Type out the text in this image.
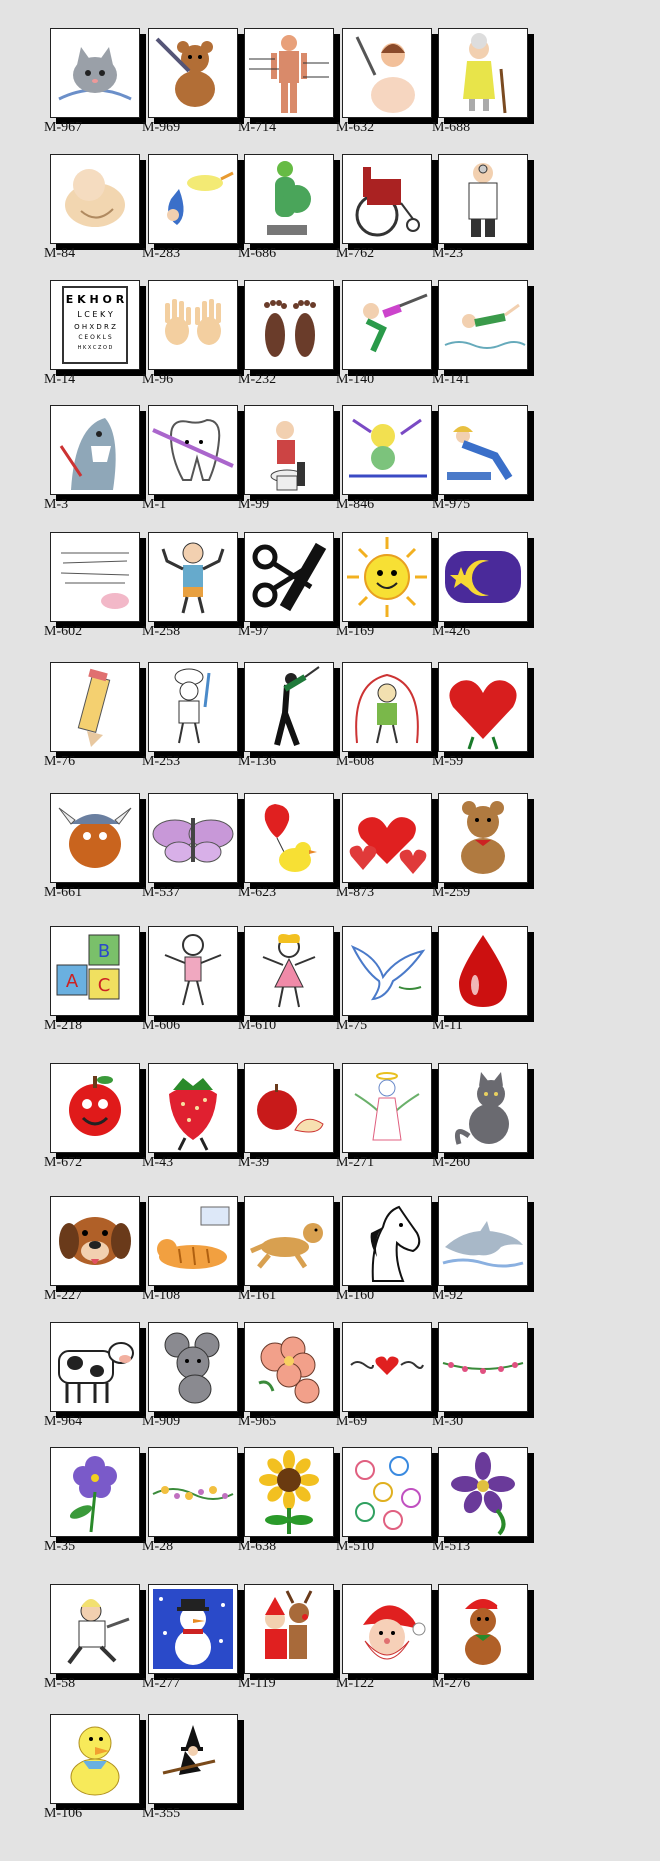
M-967	M-969	M-714	M-632	M-688
M-84	M-283	M-686	M-762	M-23
E K H O R
L C E K Y
O H X D R Z
C E O K L S
H K X C Z O D
M-14	M-96	M-232	M-140	M-141
M-3	M-1	M-99	M-846	M-975
M-602	M-258	M-97	M-169	M-426
M-76	M-253	M-136	M-608	M-59
M-661	M-537	M-623	M-873	M-259
A
B
C
M-218	M-606	M-610	M-75	M-11
M-672	M-43	M-39	M-271	M-260
M-227	M-108	M-161	M-160	M-92
M-964	M-909	M-965	M-69	M-30
M-35	M-28	M-638	M-510	M-513
M-58	M-277	M-119	M-122	M-276
M-106	M-355
